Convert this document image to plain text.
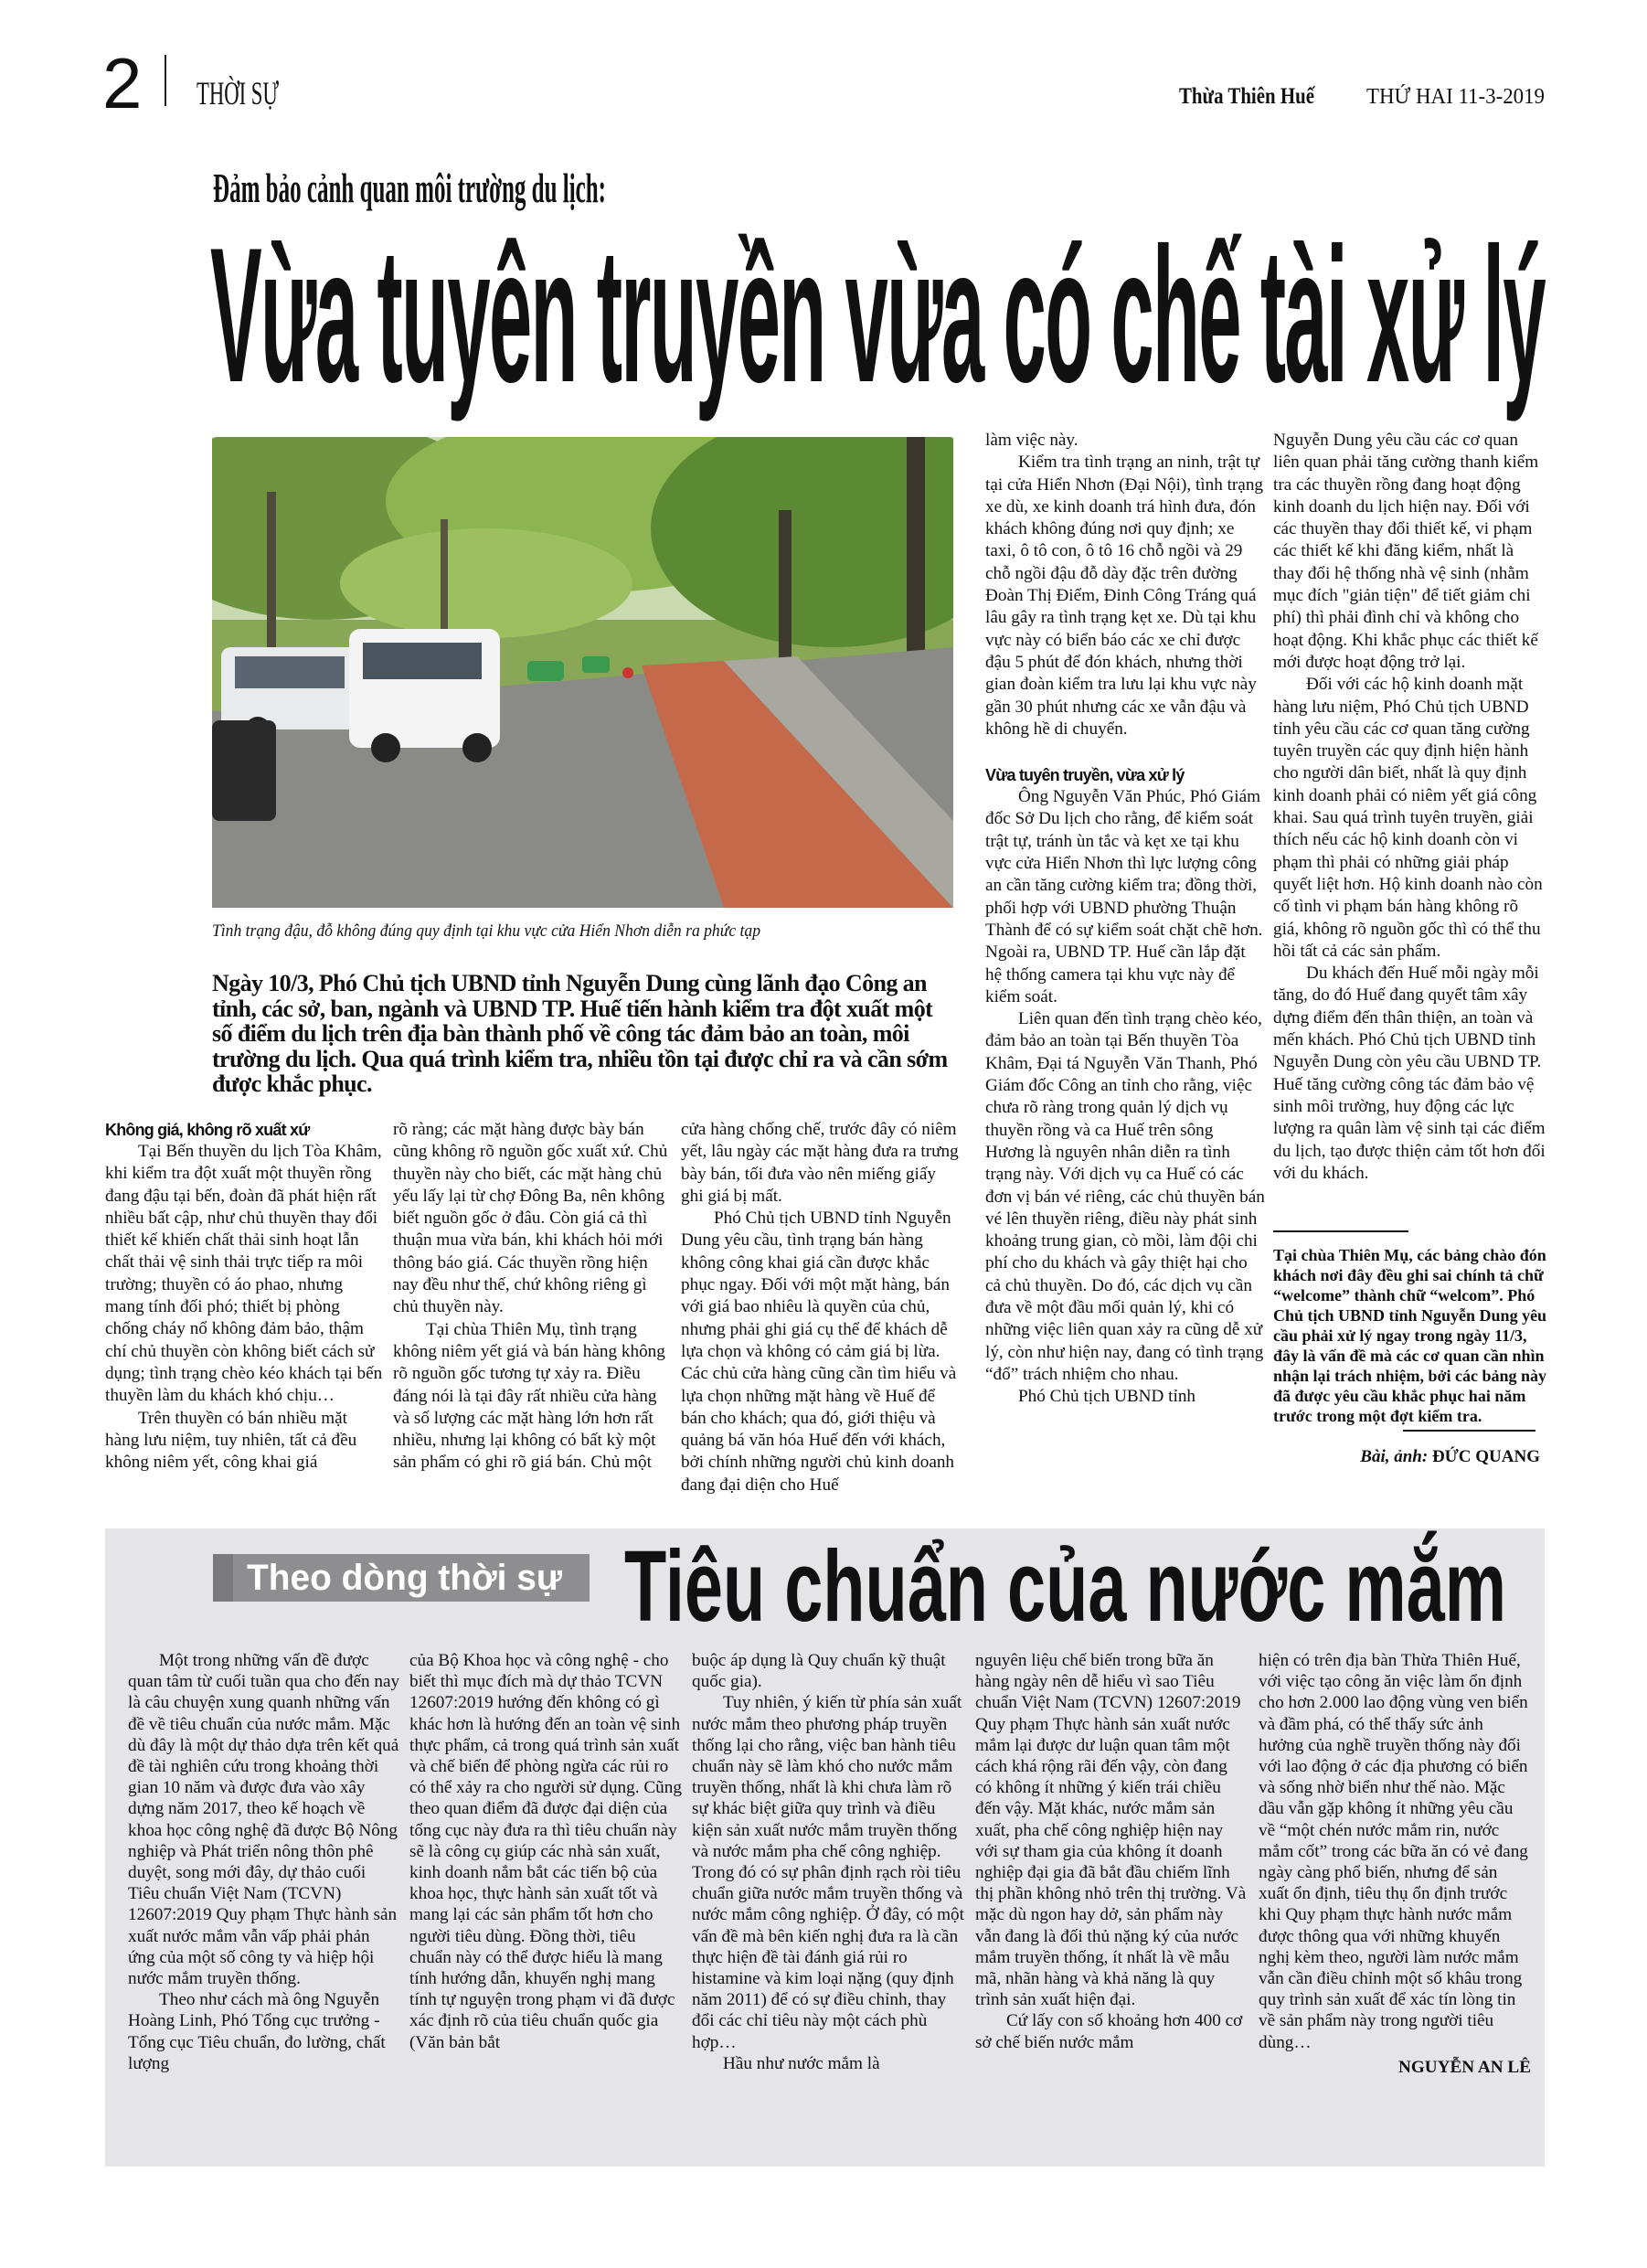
2 THỜI SỰ	Thừa Thiên Huế THỨ HAI 11-3-2019
Đảm bảo cảnh quan môi trường du lịch:
Vừa tuyên truyền vừa có chế tài xử lý
Tình trạng đậu, đỗ không đúng quy định tại khu vực cửa Hiển Nhơn diễn ra phức tạp
Ngày 10/3, Phó Chủ tịch UBND tỉnh Nguyễn Dung cùng lãnh đạo Công an tỉnh, các sở, ban, ngành và UBND TP. Huế tiến hành kiểm tra đột xuất một số điểm du lịch trên địa bàn thành phố về công tác đảm bảo an toàn, môi trường du lịch. Qua quá trình kiểm tra, nhiều tồn tại được chỉ ra và cần sớm được khắc phục.

Không giá, không rõ xuất xứ

Tại Bến thuyền du lịch Tòa Khâm, khi kiểm tra đột xuất một thuyền rồng đang đậu tại bến, đoàn đã phát hiện rất nhiều bất cập, như chủ thuyền thay đổi thiết kế khiến chất thải sinh hoạt lẫn chất thải vệ sinh thải trực tiếp ra môi trường; thuyền có áo phao, nhưng mang tính đối phó; thiết bị phòng chống cháy nổ không đảm bảo, thậm chí chủ thuyền còn không biết cách sử dụng; tình trạng chèo kéo khách tại bến thuyền làm du khách khó chịu…

Trên thuyền có bán nhiều mặt hàng lưu niệm, tuy nhiên, tất cả đều không niêm yết, công khai giá

rõ ràng; các mặt hàng được bày bán cũng không rõ nguồn gốc xuất xứ. Chủ thuyền này cho biết, các mặt hàng chủ yếu lấy lại từ chợ Đông Ba, nên không biết nguồn gốc ở đâu. Còn giá cả thì thuận mua vừa bán, khi khách hỏi mới thông báo giá. Các thuyền rồng hiện nay đều như thế, chứ không riêng gì chủ thuyền này.

Tại chùa Thiên Mụ, tình trạng không niêm yết giá và bán hàng không rõ nguồn gốc tương tự xảy ra. Điều đáng nói là tại đây rất nhiều cửa hàng và số lượng các mặt hàng lớn hơn rất nhiều, nhưng lại không có bất kỳ một sản phẩm có ghi rõ giá bán. Chủ một

cửa hàng chống chế, trước đây có niêm yết, lâu ngày các mặt hàng đưa ra trưng bày bán, tối đưa vào nên miếng giấy ghi giá bị mất.

Phó Chủ tịch UBND tỉnh Nguyễn Dung yêu cầu, tình trạng bán hàng không công khai giá cần được khắc phục ngay. Đối với một mặt hàng, bán với giá bao nhiêu là quyền của chủ, nhưng phải ghi giá cụ thể để khách dễ lựa chọn và không có cảm giá bị lừa. Các chủ cửa hàng cũng cần tìm hiểu và lựa chọn những mặt hàng về Huế để bán cho khách; qua đó, giới thiệu và quảng bá văn hóa Huế đến với khách, bởi chính những người chủ kinh doanh đang đại diện cho Huế

làm việc này.

Kiểm tra tình trạng an ninh, trật tự tại cửa Hiển Nhơn (Đại Nội), tình trạng xe dù, xe kinh doanh trá hình đưa, đón khách không đúng nơi quy định; xe taxi, ô tô con, ô tô 16 chỗ ngồi và 29 chỗ ngồi đậu đỗ dày đặc trên đường Đoàn Thị Điểm, Đinh Công Tráng quá lâu gây ra tình trạng kẹt xe. Dù tại khu vực này có biển báo các xe chỉ được đậu 5 phút để đón khách, nhưng thời gian đoàn kiểm tra lưu lại khu vực này gần 30 phút nhưng các xe vẫn đậu và không hề di chuyển.

Vừa tuyên truyền, vừa xử lý

Ông Nguyễn Văn Phúc, Phó Giám đốc Sở Du lịch cho rằng, để kiểm soát trật tự, tránh ùn tắc và kẹt xe tại khu vực cửa Hiển Nhơn thì lực lượng công an cần tăng cường kiểm tra; đồng thời, phối hợp với UBND phường Thuận Thành để có sự kiểm soát chặt chẽ hơn. Ngoài ra, UBND TP. Huế cần lắp đặt hệ thống camera tại khu vực này để kiểm soát.

Liên quan đến tình trạng chèo kéo, đảm bảo an toàn tại Bến thuyền Tòa Khâm, Đại tá Nguyễn Văn Thanh, Phó Giám đốc Công an tỉnh cho rằng, việc chưa rõ ràng trong quản lý dịch vụ thuyền rồng và ca Huế trên sông Hương là nguyên nhân diễn ra tình trạng này. Với dịch vụ ca Huế có các đơn vị bán vé riêng, các chủ thuyền bán vé lên thuyền riêng, điều này phát sinh khoảng trung gian, cò mồi, làm đội chi phí cho du khách và gây thiệt hại cho cả chủ thuyền. Do đó, các dịch vụ cần đưa về một đầu mối quản lý, khi có những việc liên quan xảy ra cũng dễ xử lý, còn như hiện nay, đang có tình trạng “đổ” trách nhiệm cho nhau.

Phó Chủ tịch UBND tỉnh

Nguyễn Dung yêu cầu các cơ quan liên quan phải tăng cường thanh kiểm tra các thuyền rồng đang hoạt động kinh doanh du lịch hiện nay. Đối với các thuyền thay đổi thiết kế, vi phạm các thiết kế khi đăng kiểm, nhất là thay đổi hệ thống nhà vệ sinh (nhằm mục đích "giản tiện" để tiết giảm chi phí) thì phải đình chỉ và không cho hoạt động. Khi khắc phục các thiết kế mới được hoạt động trở lại.

Đối với các hộ kinh doanh mặt hàng lưu niệm, Phó Chủ tịch UBND tỉnh yêu cầu các cơ quan tăng cường tuyên truyền các quy định hiện hành cho người dân biết, nhất là quy định kinh doanh phải có niêm yết giá công khai. Sau quá trình tuyên truyền, giải thích nếu các hộ kinh doanh còn vi phạm thì phải có những giải pháp quyết liệt hơn. Hộ kinh doanh nào còn cố tình vi phạm bán hàng không rõ giá, không rõ nguồn gốc thì có thể thu hồi tất cả các sản phẩm.

Du khách đến Huế mỗi ngày mỗi tăng, do đó Huế đang quyết tâm xây dựng điểm đến thân thiện, an toàn và mến khách. Phó Chủ tịch UBND tỉnh Nguyễn Dung còn yêu cầu UBND TP. Huế tăng cường công tác đảm bảo vệ sinh môi trường, huy động các lực lượng ra quân làm vệ sinh tại các điểm du lịch, tạo được thiện cảm tốt hơn đối với du khách.

Tại chùa Thiên Mụ, các bảng chào đón khách nơi đây đều ghi sai chính tả chữ “welcome” thành chữ “welcom”. Phó Chủ tịch UBND tỉnh Nguyễn Dung yêu cầu phải xử lý ngay trong ngày 11/3, đây là vấn đề mà các cơ quan cần nhìn nhận lại trách nhiệm, bởi các bảng này đã được yêu cầu khắc phục hai năm trước trong một đợt kiểm tra.

Bài, ảnh: ĐỨC QUANG
Theo dòng thời sự Tiêu chuẩn của nước mắm

Một trong những vấn đề được quan tâm từ cuối tuần qua cho đến nay là câu chuyện xung quanh những vấn đề về tiêu chuẩn của nước mắm. Mặc dù đây là một dự thảo dựa trên kết quả đề tài nghiên cứu trong khoảng thời gian 10 năm và được đưa vào xây dựng năm 2017, theo kế hoạch về khoa học công nghệ đã được Bộ Nông nghiệp và Phát triển nông thôn phê duyệt, song mới đây, dự thảo cuối Tiêu chuẩn Việt Nam (TCVN) 12607:2019 Quy phạm Thực hành sản xuất nước mắm vẫn vấp phải phản ứng của một số công ty và hiệp hội nước mắm truyền thống.

Theo như cách mà ông Nguyễn Hoàng Linh, Phó Tổng cục trưởng - Tổng cục Tiêu chuẩn, đo lường, chất lượng

của Bộ Khoa học và công nghệ - cho biết thì mục đích mà dự thảo TCVN 12607:2019 hướng đến không có gì khác hơn là hướng đến an toàn vệ sinh thực phẩm, cả trong quá trình sản xuất và chế biến để phòng ngừa các rủi ro có thể xảy ra cho người sử dụng. Cũng theo quan điểm đã được đại diện của tổng cục này đưa ra thì tiêu chuẩn này sẽ là công cụ giúp các nhà sản xuất, kinh doanh nắm bắt các tiến bộ của khoa học, thực hành sản xuất tốt và mang lại các sản phẩm tốt hơn cho người tiêu dùng. Đồng thời, tiêu chuẩn này có thể được hiểu là mang tính hướng dẫn, khuyến nghị mang tính tự nguyện trong phạm vi đã được xác định rõ của tiêu chuẩn quốc gia (Văn bản bắt

buộc áp dụng là Quy chuẩn kỹ thuật quốc gia).

Tuy nhiên, ý kiến từ phía sản xuất nước mắm theo phương pháp truyền thống lại cho rằng, việc ban hành tiêu chuẩn này sẽ làm khó cho nước mắm truyền thống, nhất là khi chưa làm rõ sự khác biệt giữa quy trình và điều kiện sản xuất nước mắm truyền thống và nước mắm pha chế công nghiệp. Trong đó có sự phân định rạch ròi tiêu chuẩn giữa nước mắm truyền thống và nước mắm công nghiệp. Ở đây, có một vấn đề mà bên kiến nghị đưa ra là cần thực hiện đề tài đánh giá rủi ro histamine và kim loại nặng (quy định năm 2011) để có sự điều chỉnh, thay đổi các chỉ tiêu này một cách phù hợp…

Hầu như nước mắm là

nguyên liệu chế biến trong bữa ăn hàng ngày nên dễ hiểu vì sao Tiêu chuẩn Việt Nam (TCVN) 12607:2019 Quy phạm Thực hành sản xuất nước mắm lại được dư luận quan tâm một cách khá rộng rãi đến vậy, còn đang có không ít những ý kiến trái chiều đến vậy. Mặt khác, nước mắm sản xuất, pha chế công nghiệp hiện nay với sự tham gia của không ít doanh nghiệp đại gia đã bắt đầu chiếm lĩnh thị phần không nhỏ trên thị trường. Và mặc dù ngon hay dở, sản phẩm này vẫn đang là đối thủ nặng ký của nước mắm truyền thống, ít nhất là về mẫu mã, nhãn hàng và khả năng là quy trình sản xuất hiện đại.

Cứ lấy con số khoảng hơn 400 cơ sở chế biến nước mắm

hiện có trên địa bàn Thừa Thiên Huế, với việc tạo công ăn việc làm ổn định cho hơn 2.000 lao động vùng ven biển và đầm phá, có thể thấy sức ảnh hưởng của nghề truyền thống này đối với lao động ở các địa phương có biển và sống nhờ biển như thế nào. Mặc dầu vẫn gặp không ít những yêu cầu về “một chén nước mắm rin, nước mắm cốt” trong các bữa ăn có vẻ đang ngày càng phổ biến, nhưng để sản xuất ổn định, tiêu thụ ổn định trước khi Quy phạm thực hành nước mắm được thông qua với những khuyến nghị kèm theo, người làm nước mắm vẫn cần điều chỉnh một số khâu trong quy trình sản xuất để xác tín lòng tin về sản phẩm này trong người tiêu dùng…

NGUYỄN AN LÊ
